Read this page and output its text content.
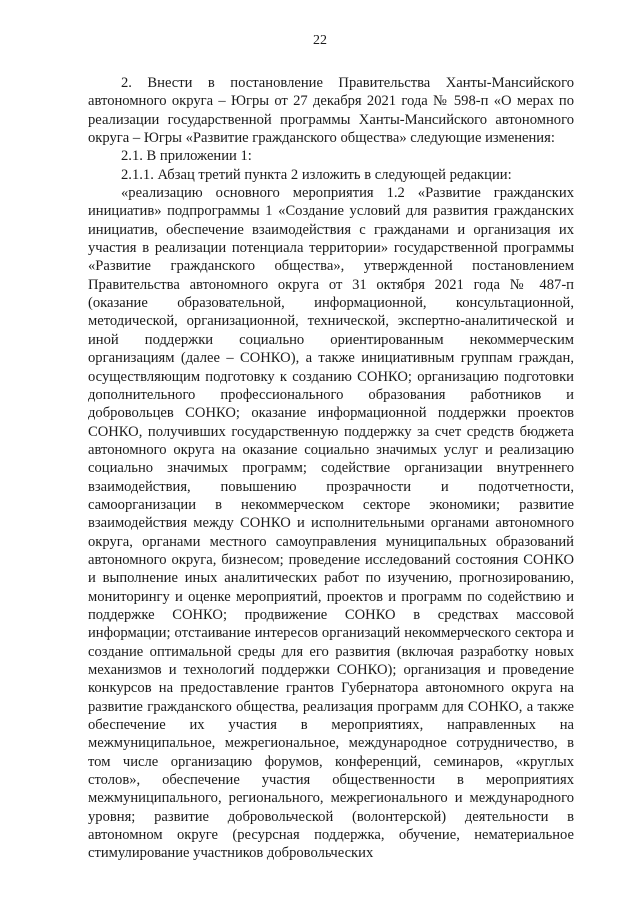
22

2. Внести в постановление Правительства Ханты-Мансийского автономного округа – Югры от 27 декабря 2021 года № 598-п «О мерах по реализации государственной программы Ханты-Мансийского автономного округа – Югры «Развитие гражданского общества» следующие изменения:

2.1. В приложении 1:

2.1.1. Абзац третий пункта 2 изложить в следующей редакции:

«реализацию основного мероприятия 1.2 «Развитие гражданских инициатив» подпрограммы 1 «Создание условий для развития гражданских инициатив, обеспечение взаимодействия с гражданами и организация их участия в реализации потенциала территории» государственной программы «Развитие гражданского общества», утвержденной постановлением Правительства автономного округа от 31 октября 2021 года № 487-п (оказание образовательной, информационной, консультационной, методической, организационной, технической, экспертно-аналитической и иной поддержки социально ориентированным некоммерческим организациям (далее – СОНКО), а также инициативным группам граждан, осуществляющим подготовку к созданию СОНКО; организацию подготовки дополнительного профессионального образования работников и добровольцев СОНКО; оказание информационной поддержки проектов СОНКО, получивших государственную поддержку за счет средств бюджета автономного округа на оказание социально значимых услуг и реализацию социально значимых программ; содействие организации внутреннего взаимодействия, повышению прозрачности и подотчетности, самоорганизации в некоммерческом секторе экономики; развитие взаимодействия между СОНКО и исполнительными органами автономного округа, органами местного самоуправления муниципальных образований автономного округа, бизнесом; проведение исследований состояния СОНКО и выполнение иных аналитических работ по изучению, прогнозированию, мониторингу и оценке мероприятий, проектов и программ по содействию и поддержке СОНКО; продвижение СОНКО в средствах массовой информации; отстаивание интересов организаций некоммерческого сектора и создание оптимальной среды для его развития (включая разработку новых механизмов и технологий поддержки СОНКО); организация и проведение конкурсов на предоставление грантов Губернатора автономного округа на развитие гражданского общества, реализация программ для СОНКО, а также обеспечение их участия в мероприятиях, направленных на межмуниципальное, межрегиональное, международное сотрудничество, в том числе организацию форумов, конференций, семинаров, «круглых столов», обеспечение участия общественности в мероприятиях межмуниципального, регионального, межрегионального и международного уровня; развитие добровольческой (волонтерской) деятельности в автономном округе (ресурсная поддержка, обучение, нематериальное стимулирование участников добровольческих
